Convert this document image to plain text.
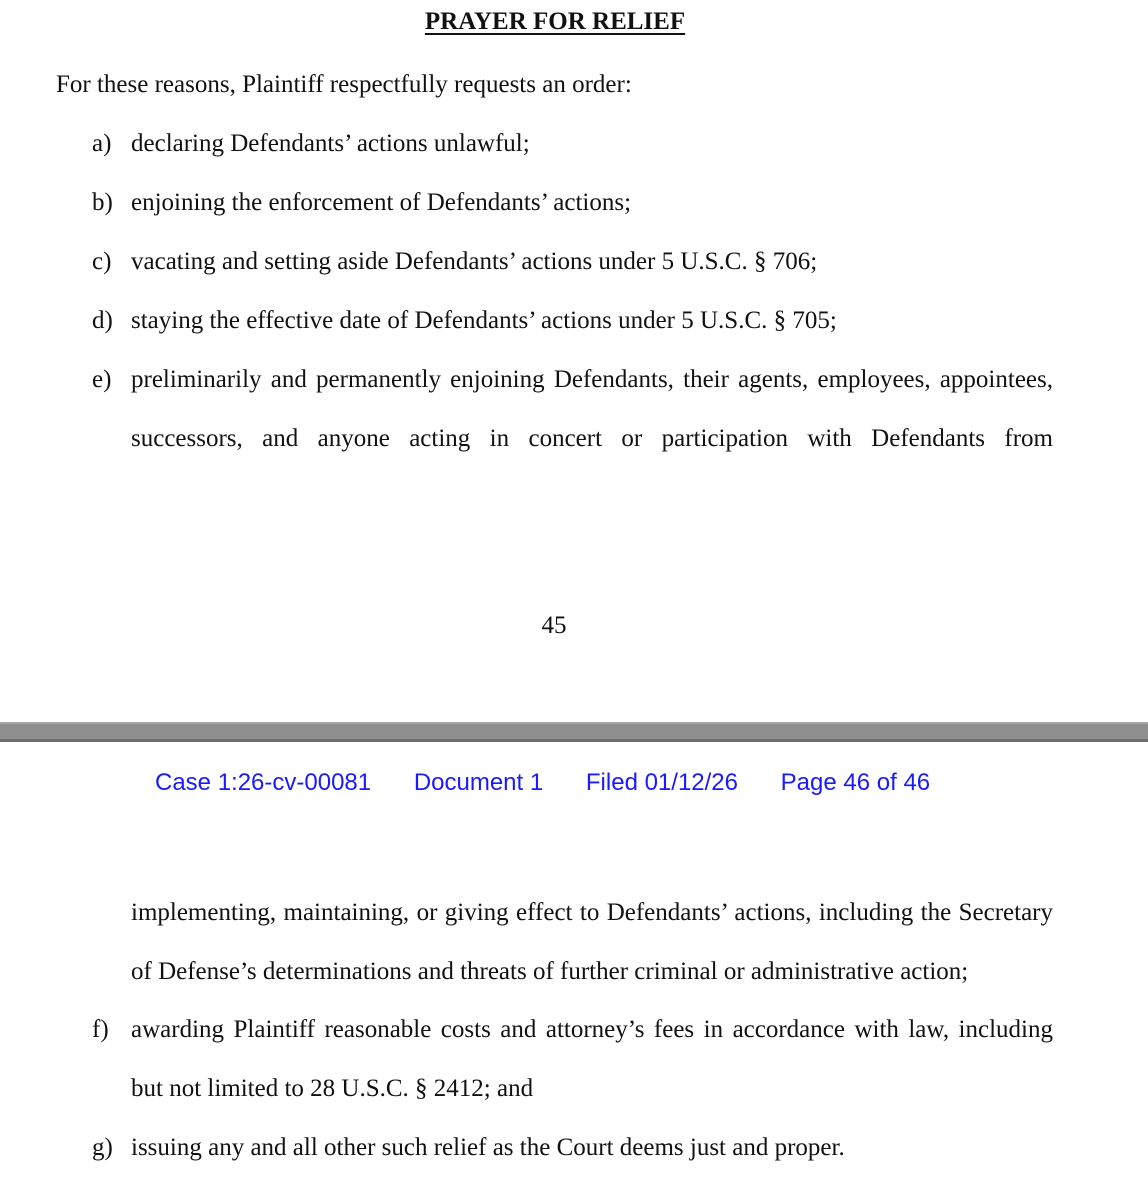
PRAYER FOR RELIEF
For these reasons, Plaintiff respectfully requests an order:
a) declaring Defendants’ actions unlawful;
b) enjoining the enforcement of Defendants’ actions;
c) vacating and setting aside Defendants’ actions under 5 U.S.C. § 706;
d) staying the effective date of Defendants’ actions under 5 U.S.C. § 705;
e) preliminarily and permanently enjoining Defendants, their agents, employees, appointees,
successors, and anyone acting in concert or participation with Defendants from
45
Case 1:26-cv-00081 Document 1 Filed 01/12/26 Page 46 of 46
implementing, maintaining, or giving effect to Defendants’ actions, including the Secretary
of Defense’s determinations and threats of further criminal or administrative action;
f) awarding Plaintiff reasonable costs and attorney’s fees in accordance with law, including
but not limited to 28 U.S.C. § 2412; and
g) issuing any and all other such relief as the Court deems just and proper.
